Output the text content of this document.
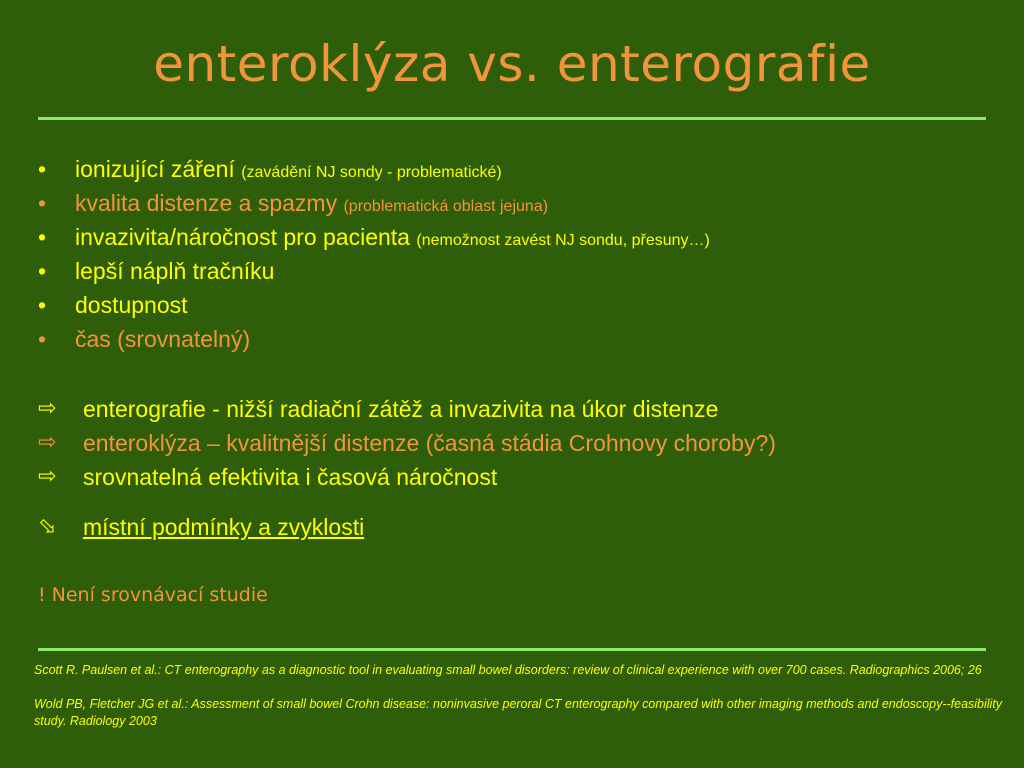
enteroklýza vs. enterografie
•	ionizující záření (zavádění NJ sondy - problematické)
•	kvalita distenze a spazmy (problematická oblast jejuna)
•	invazivita/náročnost pro pacienta (nemožnost zavést NJ sondu, přesuny…)
•	lepší náplň tračníku
•	dostupnost
•	čas (srovnatelný)
⇨	enterografie - nižší radiační zátěž a invazivita na úkor distenze
⇨	enteroklýza – kvalitnější distenze (časná stádia Crohnovy choroby?)
⇨	srovnatelná efektivita i časová náročnost
⬂	místní podmínky a zvyklosti
! Není srovnávací studie

Scott R. Paulsen et al.: CT enterography as a diagnostic tool in evaluating small bowel disorders: review of clinical experience with over 700 cases. Radiographics 2006; 26

Wold PB, Fletcher JG et al.: Assessment of small bowel Crohn disease: noninvasive peroral CT enterography compared with other imaging methods and endoscopy--feasibility study. Radiology 2003
